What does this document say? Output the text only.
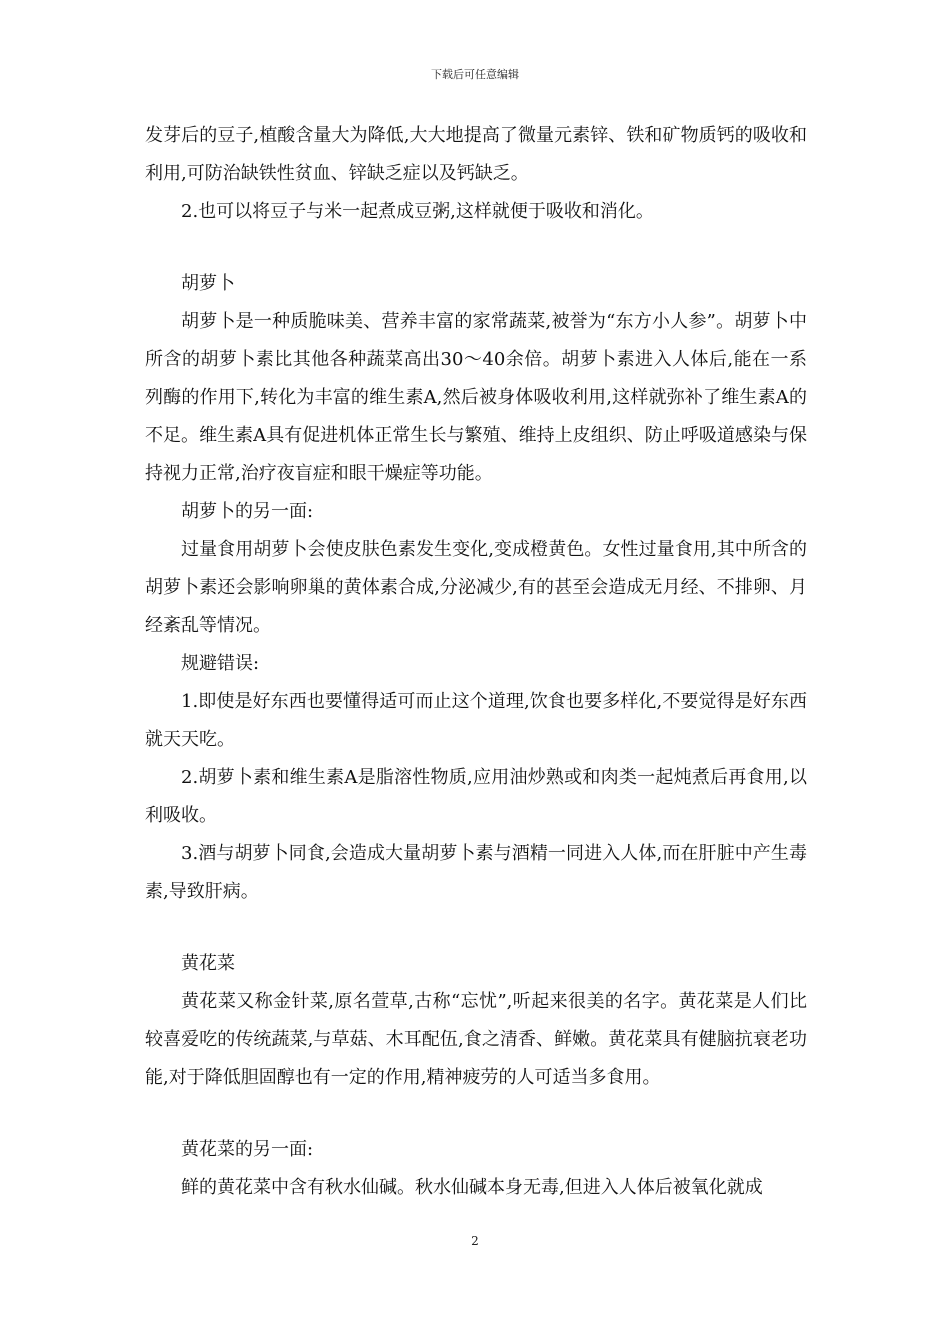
下载后可任意编辑

发芽后的豆子,植酸含量大为降低,大大地提高了微量元素锌、铁和矿物质钙的吸收和利用,可防治缺铁性贫血、锌缺乏症以及钙缺乏。

2.也可以将豆子与米一起煮成豆粥,这样就便于吸收和消化。

胡萝卜

胡萝卜是一种质脆味美、营养丰富的家常蔬菜,被誉为“东方小人参”。胡萝卜中所含的胡萝卜素比其他各种蔬菜高出30～40余倍。胡萝卜素进入人体后,能在一系列酶的作用下,转化为丰富的维生素A,然后被身体吸收利用,这样就弥补了维生素A的不足。维生素A具有促进机体正常生长与繁殖、维持上皮组织、防止呼吸道感染与保持视力正常,治疗夜盲症和眼干燥症等功能。

胡萝卜的另一面:

过量食用胡萝卜会使皮肤色素发生变化,变成橙黄色。女性过量食用,其中所含的胡萝卜素还会影响卵巢的黄体素合成,分泌减少,有的甚至会造成无月经、不排卵、月经紊乱等情况。

规避错误:

1.即使是好东西也要懂得适可而止这个道理,饮食也要多样化,不要觉得是好东西就天天吃。

2.胡萝卜素和维生素A是脂溶性物质,应用油炒熟或和肉类一起炖煮后再食用,以利吸收。

3.酒与胡萝卜同食,会造成大量胡萝卜素与酒精一同进入人体,而在肝脏中产生毒素,导致肝病。

黄花菜

黄花菜又称金针菜,原名萱草,古称“忘忧”,听起来很美的名字。黄花菜是人们比较喜爱吃的传统蔬菜,与草菇、木耳配伍,食之清香、鲜嫩。黄花菜具有健脑抗衰老功能,对于降低胆固醇也有一定的作用,精神疲劳的人可适当多食用。

黄花菜的另一面:

鲜的黄花菜中含有秋水仙碱。秋水仙碱本身无毒,但进入人体后被氧化就成

2
